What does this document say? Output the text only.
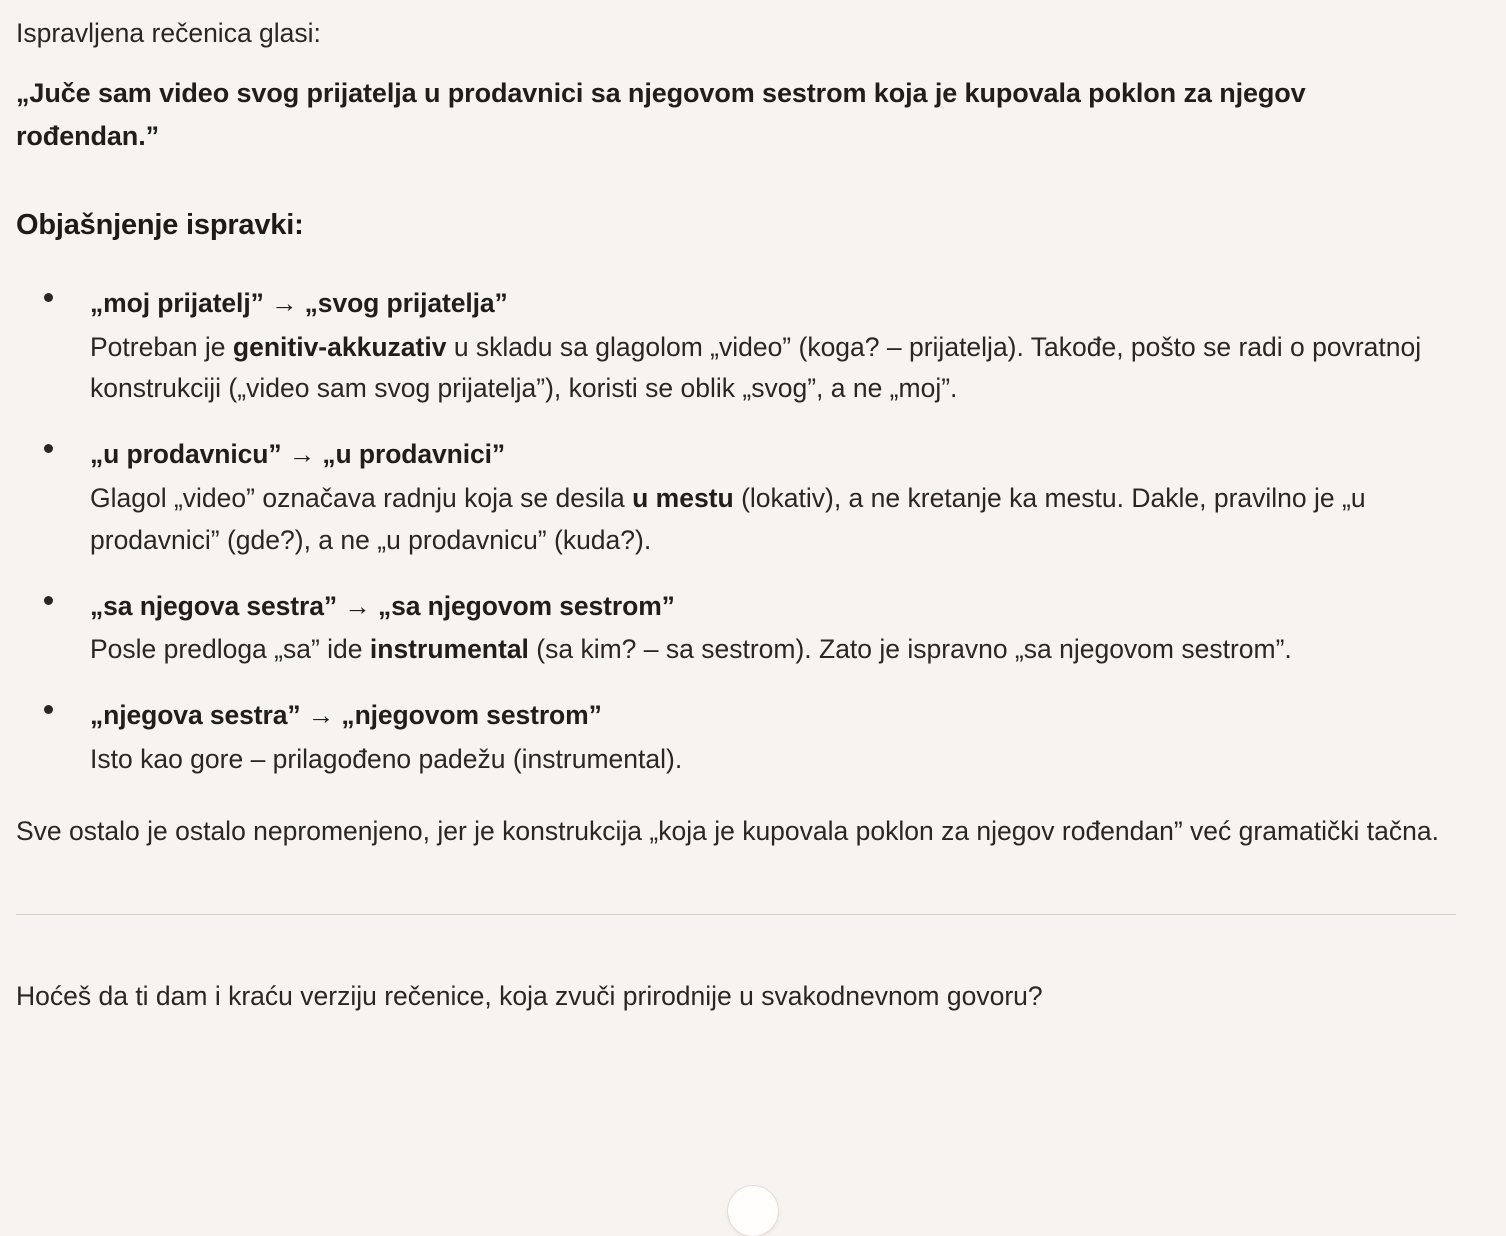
Ispravljena rečenica glasi:

„Juče sam video svog prijatelja u prodavnici sa njegovom sestrom koja je kupovala poklon za njegov rođendan.”

Objašnjenje ispravki:
„moj prijatelj” → „svog prijatelja”
Potreban je genitiv-akkuzativ u skladu sa glagolom „video” (koga? – prijatelja). Takođe, pošto se radi o povratnoj konstrukciji („video sam svog prijatelja”), koristi se oblik „svog”, a ne „moj”.
„u prodavnicu” → „u prodavnici”
Glagol „video” označava radnju koja se desila u mestu (lokativ), a ne kretanje ka mestu. Dakle, pravilno je „u prodavnici” (gde?), a ne „u prodavnicu” (kuda?).
„sa njegova sestra” → „sa njegovom sestrom”
Posle predloga „sa” ide instrumental (sa kim? – sa sestrom). Zato je ispravno „sa njegovom sestrom”.
„njegova sestra” → „njegovom sestrom”
Isto kao gore – prilagođeno padežu (instrumental).

Sve ostalo je ostalo nepromenjeno, jer je konstrukcija „koja je kupovala poklon za njegov rođendan” već gramatički tačna.

Hoćeš da ti dam i kraću verziju rečenice, koja zvuči prirodnije u svakodnevnom govoru?
